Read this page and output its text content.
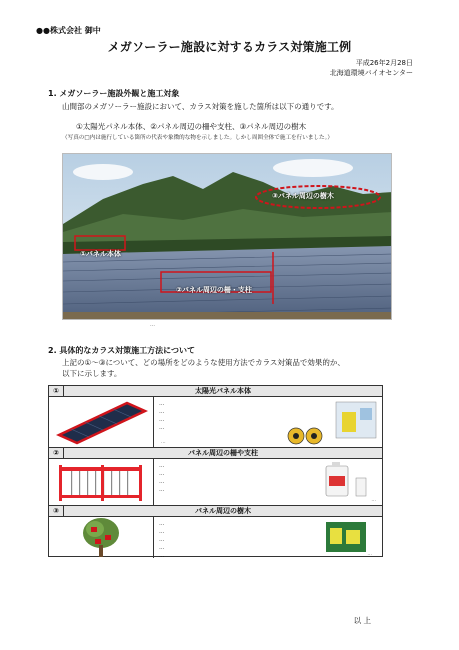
●●株式会社 御中
メガソーラー施設に対するカラス対策施工例
平成26年2月28日
北海道環境バイオセンター
1. メガソーラー施設外観と施工対象
山間部のメガソーラー施設において、カラス対策を施した箇所は以下の通りです。
①太陽光パネル本体、②パネル周辺の柵や支柱、③パネル周辺の樹木
（写真の□内は施行している箇所の代表や象徴的な物を示しました。しかし周囲全体で施工を行いました。）
③パネル周辺の樹木
①パネル本体
②パネル周辺の柵・支柱
…
2. 具体的なカラス対策施工方法について
上記の①～③について、どの場所をどのような使用方法でカラス対策品で効果的か、
以下に示します。
①	太陽光パネル本体
…
…
…
…
…
②	パネル周辺の柵や支柱
…
…
…
…
…
③	パネル周辺の樹木
…
…
…
…
…	…
以 上
